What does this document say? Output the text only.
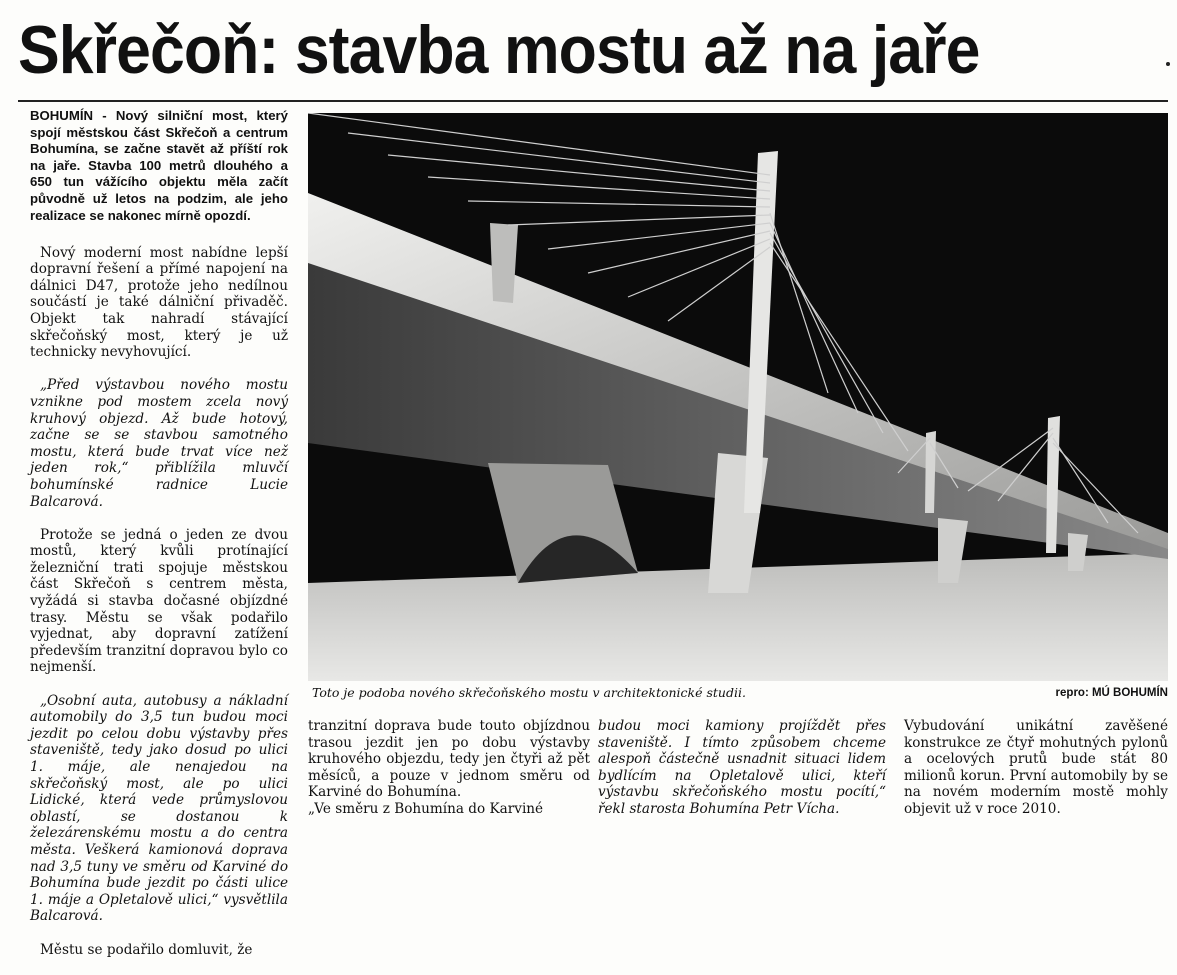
Skřečoň: stavba mostu až na jaře
BOHUMÍN - Nový silniční most, který spojí městskou část Skřečoň a centrum Bohumína, se začne stavět až příští rok na jaře. Stavba 100 metrů dlouhého a 650 tun vážícího objektu měla začít původně už letos na podzim, ale jeho realizace se nakonec mírně opozdí.

Nový moderní most nabídne lepší dopravní řešení a přímé napojení na dálnici D47, protože jeho nedílnou součástí je také dálniční přivaděč. Objekt tak nahradí stávající skřečoňský most, který je už technicky nevyhovující.

„Před výstavbou nového mostu vznikne pod mostem zcela nový kruhový objezd. Až bude hotový, začne se se stavbou samotného mostu, která bude trvat více než jeden rok,“ přiblížila mluvčí bohumínské radnice Lucie Balcarová.

Protože se jedná o jeden ze dvou mostů, který kvůli protínající železniční trati spojuje městskou část Skřečoň s centrem města, vyžádá si stavba dočasné objízdné trasy. Městu se však podařilo vyjednat, aby dopravní zatížení především tranzitní dopravou bylo co nejmenší.

„Osobní auta, autobusy a nákladní automobily do 3,5 tun budou moci jezdit po celou dobu výstavby přes staveniště, tedy jako dosud po ulici 1. máje, ale nenajedou na skřečoňský most, ale po ulici Lidické, která vede průmyslovou oblastí, se dostanou k železárenskému mostu a do centra města. Veškerá kamionová doprava nad 3,5 tuny ve směru od Karviné do Bohumína bude jezdit po části ulice 1. máje a Opletalově ulici,“ vysvětlila Balcarová.

Městu se podařilo domluvit, že

Toto je podoba nového skřečoňského mostu v architektonické studii.	repro: MÚ BOHUMÍN
tranzitní doprava bude touto objízdnou trasou jezdit jen po dobu výstavby kruhového objezdu, tedy jen čtyři až pět měsíců, a pouze v jednom směru od Karviné do Bohumína.
„Ve směru z Bohumína do Karviné
budou moci kamiony projíždět přes staveniště. I tímto způsobem chceme alespoň částečně usnadnit situaci lidem bydlícím na Opletalově ulici, kteří výstavbu skřečoňského mostu pocítí,“ řekl starosta Bohumína Petr Vícha.
Vybudování unikátní zavěšené konstrukce ze čtyř mohutných pylonů a ocelových prutů bude stát 80 milionů korun. První automobily by se na novém moderním mostě mohly objevit už v roce 2010.
